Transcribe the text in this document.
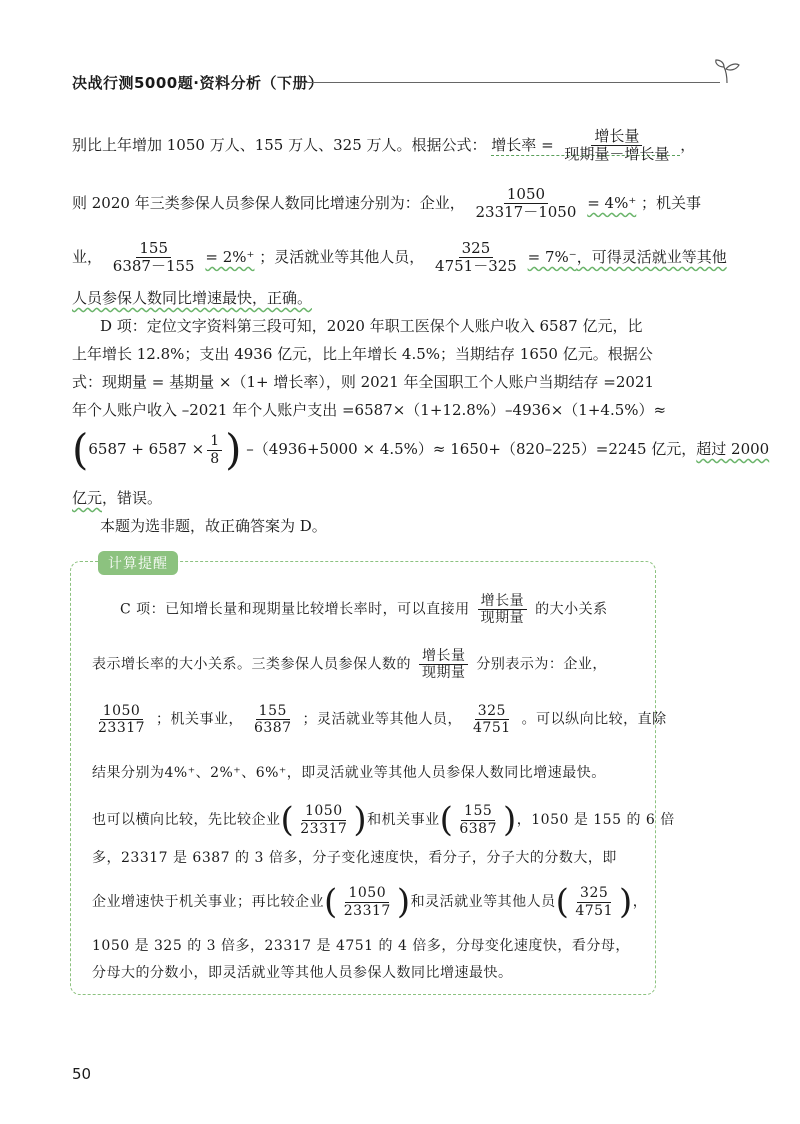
决战行测5000题·资料分析（下册）
别比上年增加 1050 万人、155 万人、325 万人。根据公式： 增长率 = $\frac{\text{增长量}}{\text{现期量－增长量}}$ ，
则 2020 年三类参保人员参保人数同比增速分别为：企业， $\frac{1050}{23317-1050} = 4\%^+$ ；机关事
业， $\frac{155}{6387-155} = 2\%^+$ ；灵活就业等其他人员， $\frac{325}{4751-325} = 7\%^-$，可得灵活就业等其他
人员参保人数同比增速最快，正确。
D 项：定位文字资料第三段可知，2020 年职工医保个人账户收入 6587 亿元，比
上年增长 12.8%；支出 4936 亿元，比上年增长 4.5%；当期结存 1650 亿元。根据公
式：现期量 = 基期量 ×（1+ 增长率），则 2021 年全国职工个人账户当期结存 =2021
年个人账户收入 –2021 年个人账户支出 =6587×（1+12.8%）–4936×（1+4.5%）≈
($6587 + 6587 \times \frac{1}{8}$ ) –（4936+5000 × 4.5%）≈ 1650+（820–225）=2245 亿元，超过 2000
亿元，错误。
本题为选非题，故正确答案为 D。
计算提醒
C 项：已知增长量和现期量比较增长率时，可以直接用 $\frac{\text{增长量}}{\text{现期量}}$ 的大小关系
表示增长率的大小关系。三类参保人员参保人数的 $\frac{\text{增长量}}{\text{现期量}}$ 分别表示为：企业，
$\frac{1050}{23317}$ ；机关事业， $\frac{155}{6387}$ ；灵活就业等其他人员， $\frac{325}{4751}$ 。可以纵向比较，直除
结果分别为4%⁺、2%⁺、6%⁺，即灵活就业等其他人员参保人数同比增速最快。
也可以横向比较，先比较企业( $\frac{1050}{23317}$ )和机关事业( $\frac{155}{6387}$ )，1050 是 155 的 6 倍
多，23317 是 6387 的 3 倍多，分子变化速度快，看分子，分子大的分数大，即
企业增速快于机关事业；再比较企业( $\frac{1050}{23317}$ )和灵活就业等其他人员( $\frac{325}{4751}$ )，
1050 是 325 的 3 倍多，23317 是 4751 的 4 倍多，分母变化速度快，看分母，
分母大的分数小，即灵活就业等其他人员参保人数同比增速最快。
50
